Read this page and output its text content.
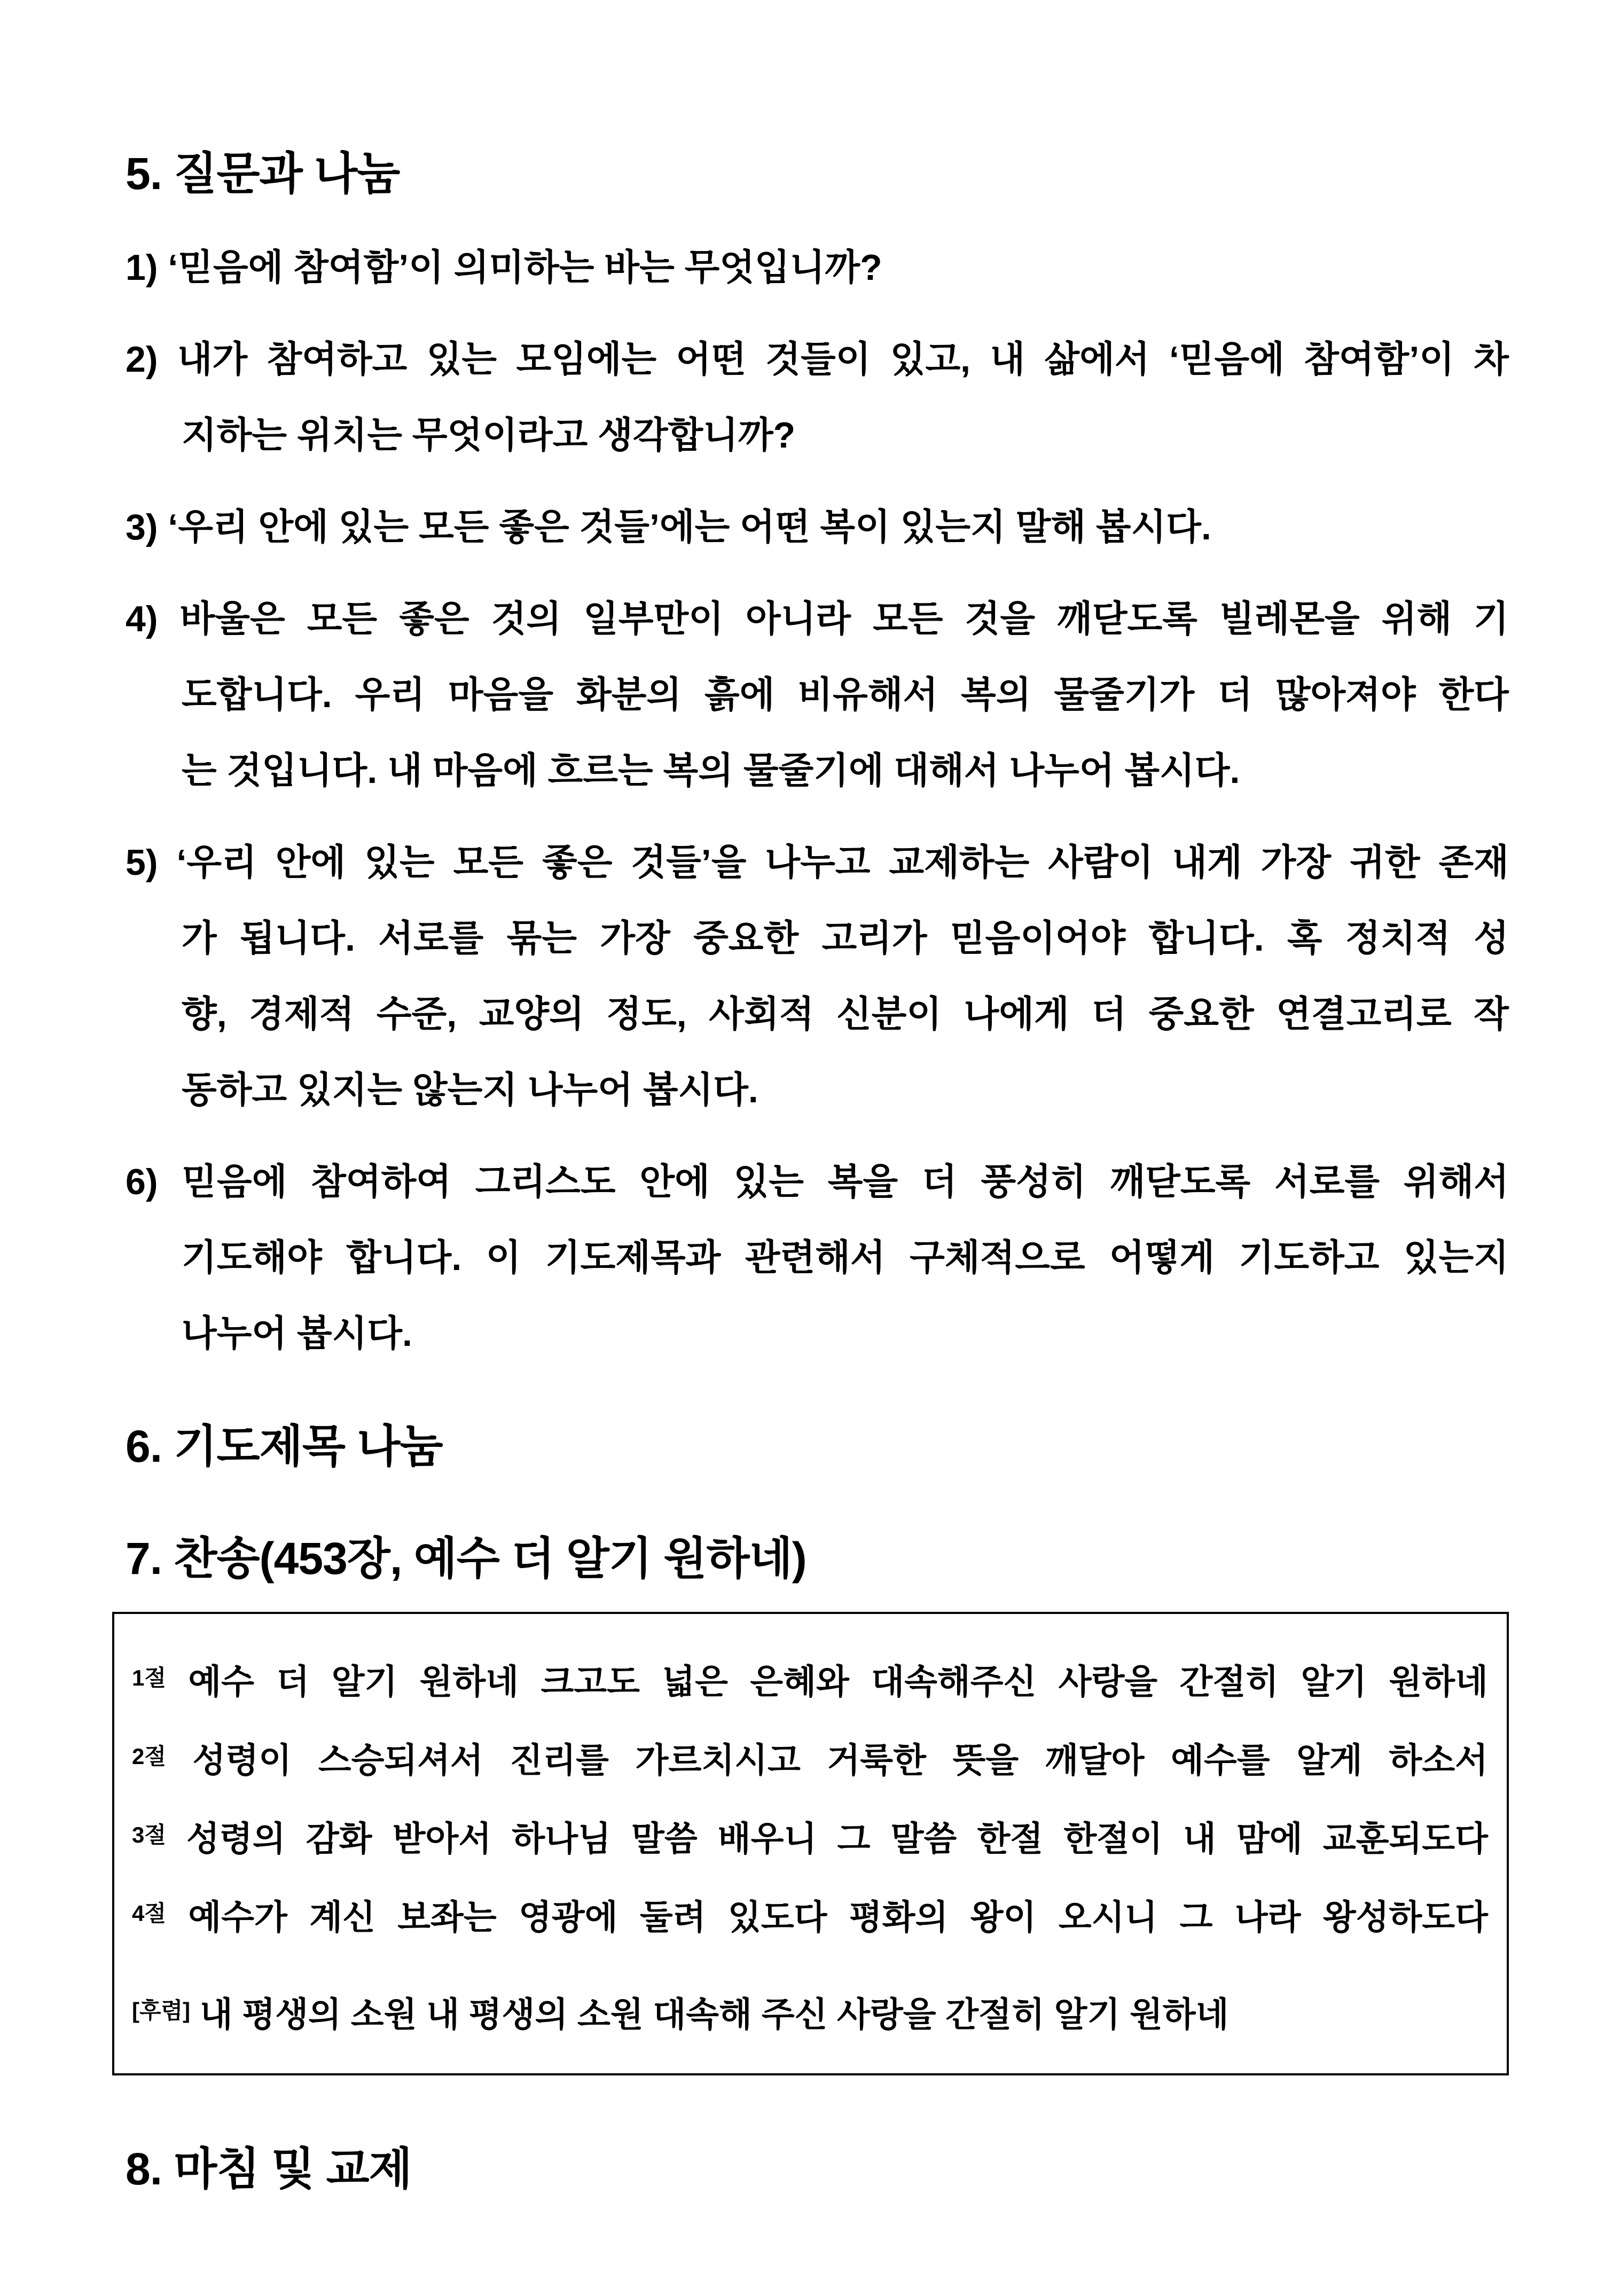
5. 질문과 나눔
1) ‘믿음에 참여함’이 의미하는 바는 무엇입니까?
2) 내가 참여하고 있는 모임에는 어떤 것들이 있고, 내 삶에서 ‘믿음에 참여함’이 차
지하는 위치는 무엇이라고 생각합니까?
3) ‘우리 안에 있는 모든 좋은 것들’에는 어떤 복이 있는지 말해 봅시다.
4) 바울은 모든 좋은 것의 일부만이 아니라 모든 것을 깨닫도록 빌레몬을 위해 기
도합니다. 우리 마음을 화분의 흙에 비유해서 복의 물줄기가 더 많아져야 한다
는 것입니다. 내 마음에 흐르는 복의 물줄기에 대해서 나누어 봅시다.
5) ‘우리 안에 있는 모든 좋은 것들’을 나누고 교제하는 사람이 내게 가장 귀한 존재
가 됩니다. 서로를 묶는 가장 중요한 고리가 믿음이어야 합니다. 혹 정치적 성
향, 경제적 수준, 교양의 정도, 사회적 신분이 나에게 더 중요한 연결고리로 작
동하고 있지는 않는지 나누어 봅시다.
6) 믿음에 참여하여 그리스도 안에 있는 복을 더 풍성히 깨닫도록 서로를 위해서
기도해야 합니다. 이 기도제목과 관련해서 구체적으로 어떻게 기도하고 있는지
나누어 봅시다.
6. 기도제목 나눔
7. 찬송(453장, 예수 더 알기 원하네)
$^{1절}$ 예수 더 알기 원하네 크고도 넓은 은혜와 대속해주신 사랑을 간절히 알기 원하네
$^{2절}$ 성령이 스승되셔서 진리를 가르치시고 거룩한 뜻을 깨달아 예수를 알게 하소서
$^{3절}$ 성령의 감화 받아서 하나님 말씀 배우니 그 말씀 한절 한절이 내 맘에 교훈되도다
$^{4절}$ 예수가 계신 보좌는 영광에 둘려 있도다 평화의 왕이 오시니 그 나라 왕성하도다
[후렴] 내 평생의 소원 내 평생의 소원 대속해 주신 사랑을 간절히 알기 원하네
8. 마침 및 교제
